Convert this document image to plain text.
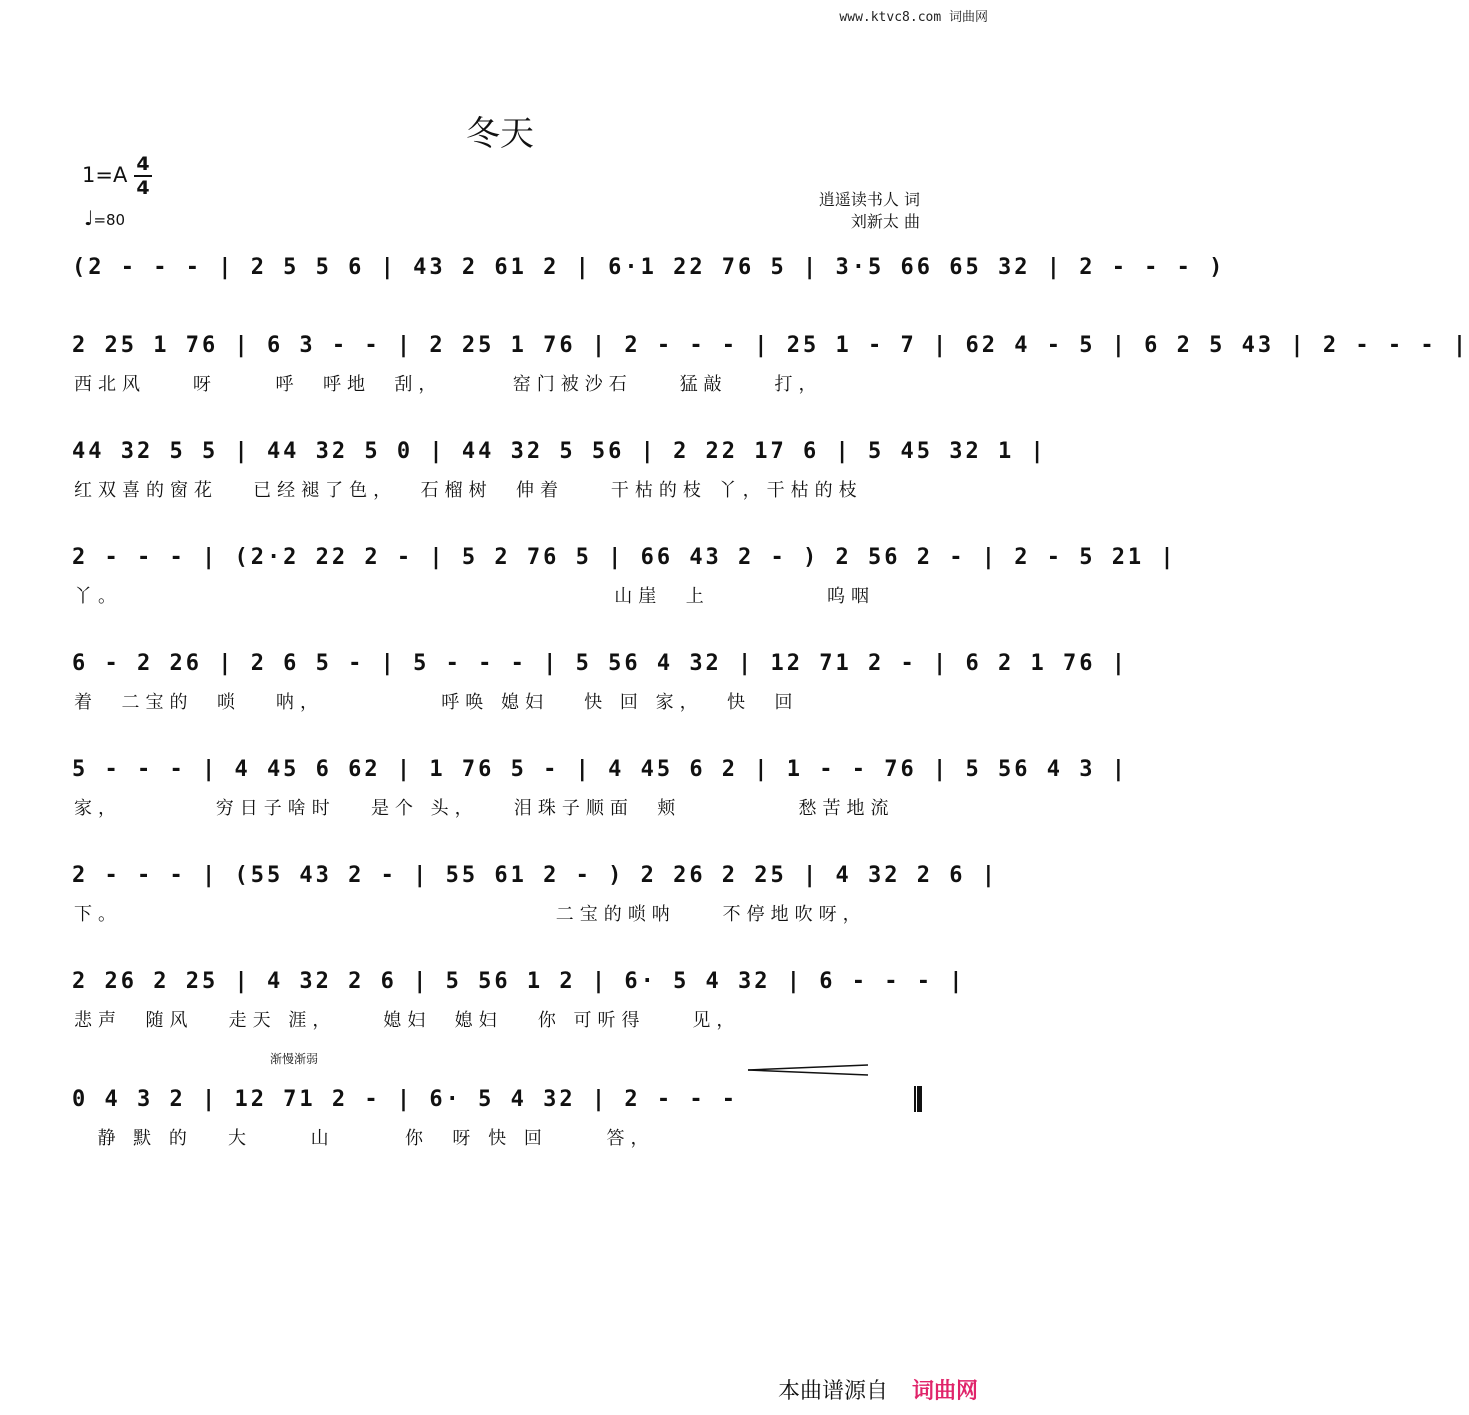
www.ktvc8.com 词曲网
冬天
1=A 4
4
♩=80
逍遥读书人 词
刘新太 曲
(2 - - - | 2 5 5 6 | 43 2 61 2 | 6·1 22 76 5 | 3·5 66 65 32 | 2 - - - )
2 25 1 76 | 6 3 - - | 2 25 1 76 | 2 - - - | 25 1 - 7 | 62 4 - 5 | 6 2 5 43 | 2 - - - |
西北风    呀     呼  呼地  刮，      窑门被沙石    猛敲    打，
44 32 5 5 | 44 32 5 0 | 44 32 5 56 | 2 22 17 6 | 5 45 32 1 |
红双喜的窗花   已经褪了色，  石榴树  伸着    干枯的枝 丫，干枯的枝
2 - - - | (2·2 22 2 - | 5 2 76 5 | 66 43 2 - ) 2 56 2 - | 2 - 5 21 |
丫。                                          山崖  上          呜咽
6 - 2 26 | 2 6 5 - | 5 - - - | 5 56 4 32 | 12 71 2 - | 6 2 1 76 |
着  二宝的  唢   呐，          呼唤 媳妇   快 回 家，  快  回
5 - - - | 4 45 6 62 | 1 76 5 - | 4 45 6 2 | 1 - - 76 | 5 56 4 3 |
家，        穷日子啥时   是个 头，   泪珠子顺面  颊          愁苦地流
2 - - - | (55 43 2 - | 55 61 2 - ) 2 26 2 25 | 4 32 2 6 |
下。                                     二宝的唢呐    不停地吹呀，
2 26 2 25 | 4 32 2 6 | 5 56 1 2 | 6· 5 4 32 | 6 - - - |
悲声  随风   走天 涯，    媳妇  媳妇   你 可听得    见，
渐慢渐弱
0 4 3 2 | 12 71 2 - | 6· 5 4 32 | 2 - - -
静 默 的   大     山      你  呀 快 回     答，
本曲谱源自 词曲网
